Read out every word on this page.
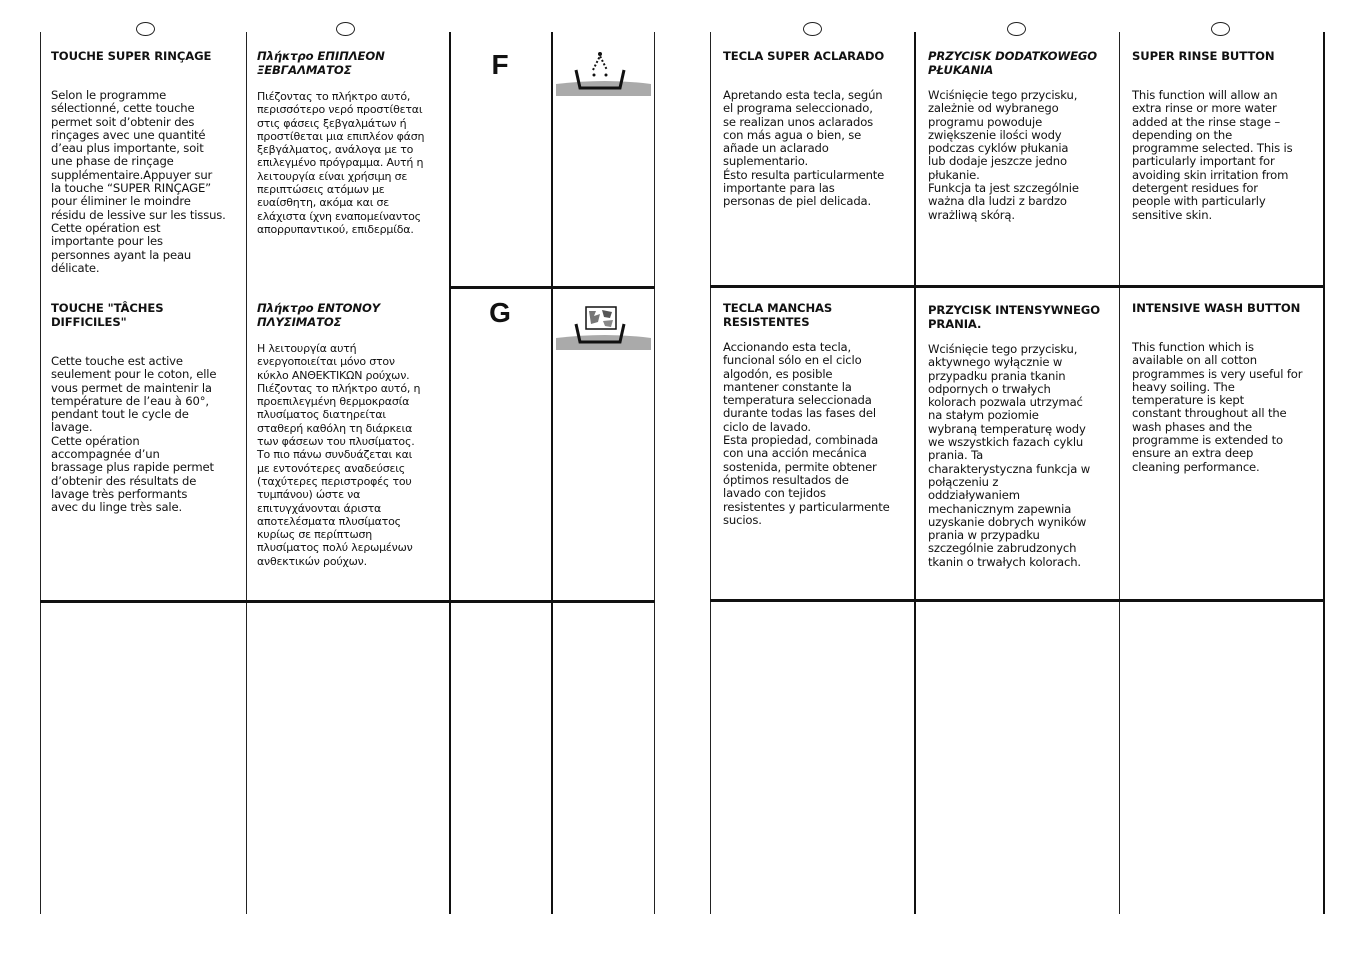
TOUCHE SUPER RINÇAGE

Selon le programme
sélectionné, cette touche
permet soit d’obtenir des
rinçages avec une quantité
d’eau plus importante, soit
une phase de rinçage
supplémentaire.Appuyer sur
la touche “SUPER RINÇAGE”
pour éliminer le moindre
résidu de lessive sur les tissus.
Cette opération est
importante pour les
personnes ayant la peau
délicate.

Πλήκτρο ΕΠΙΠΛΕΟΝ
ΞΕΒΓΑΛΜΑΤΟΣ

Πιέζοντας το πλήκτρο αυτό,
περισσότερο νερό προστίθεται
στις φάσεις ξεβγαλμάτων ή
προστίθεται μια επιπλέον φάση
ξεβγάλματος, ανάλογα με το
επιλεγμένο πρόγραμμα. Αυτή η
λειτουργία είναι χρήσιμη σε
περιπτώσεις ατόμων με
ευαίσθητη, ακόμα και σε
ελάχιστα ίχνη εναπομείναντος
απορρυπαντικού, επιδερμίδα.

F

TOUCHE "TÂCHES DIFFICILES"

Cette touche est active
seulement pour le coton, elle
vous permet de maintenir la
température de l’eau à 60°,
pendant tout le cycle de
lavage.
Cette opération
accompagnée d’un
brassage plus rapide permet
d’obtenir des résultats de
lavage très performants
avec du linge très sale.

Πλήκτρο ΕΝΤΟΝΟΥ
ΠΛΥΣΙΜΑΤΟΣ

Η λειτουργία αυτή
ενεργοποιείται μόνο στον
κύκλο ΑΝΘΕΚΤΙΚΩΝ ρούχων.
Πιέζοντας το πλήκτρο αυτό, η
προεπιλεγμένη θερμοκρασία
πλυσίματος διατηρείται
σταθερή καθόλη τη διάρκεια
των φάσεων του πλυσίματος.
Το πιο πάνω συνδυάζεται και
με εντονότερες αναδεύσεις
(ταχύτερες περιστροφές του
τυμπάνου) ώστε να
επιτυγχάνονται άριστα
αποτελέσματα πλυσίματος
κυρίως σε περίπτωση
πλυσίματος πολύ λερωμένων
ανθεκτικών ρούχων.

G

TECLA SUPER ACLARADO

Apretando esta tecla, según
el programa seleccionado,
se realizan unos aclarados
con más agua o bien, se
añade un aclarado
suplementario.
Ésto resulta particularmente
importante para las
personas de piel delicada.

PRZYCISK DODATKOWEGO
PŁUKANIA

Wciśnięcie tego przycisku,
zależnie od wybranego
programu powoduje
zwiększenie ilości wody
podczas cyklów płukania
lub dodaje jeszcze jedno
płukanie.
Funkcja ta jest szczególnie
ważna dla ludzi z bardzo
wrażliwą skórą.

SUPER RINSE BUTTON

This function will allow an
extra rinse or more water
added at the rinse stage –
depending on the
programme selected. This is
particularly important for
avoiding skin irritation from
detergent residues for
people with particularly
sensitive skin.

TECLA MANCHAS
RESISTENTES

Accionando esta tecla,
funcional sólo en el ciclo
algodón, es posible
mantener constante la
temperatura seleccionada
durante todas las fases del
ciclo de lavado.
Esta propiedad, combinada
con una acción mecánica
sostenida, permite obtener
óptimos resultados de
lavado con tejidos
resistentes y particularmente
sucios.

PRZYCISK INTENSYWNEGO
PRANIA.

Wciśnięcie tego przycisku,
aktywnego wyłącznie w
przypadku prania tkanin
odpornych o trwałych
kolorach pozwala utrzymać
na stałym poziomie
wybraną temperaturę wody
we wszystkich fazach cyklu
prania. Ta
charakterystyczna funkcja w
połączeniu z
oddziaływaniem
mechanicznym zapewnia
uzyskanie dobrych wyników
prania w przypadku
szczególnie zabrudzonych
tkanin o trwałych kolorach.

INTENSIVE WASH BUTTON

This function which is
available on all cotton
programmes is very useful for
heavy soiling. The
temperature is kept
constant throughout all the
wash phases and the
programme is extended to
ensure an extra deep
cleaning performance.
